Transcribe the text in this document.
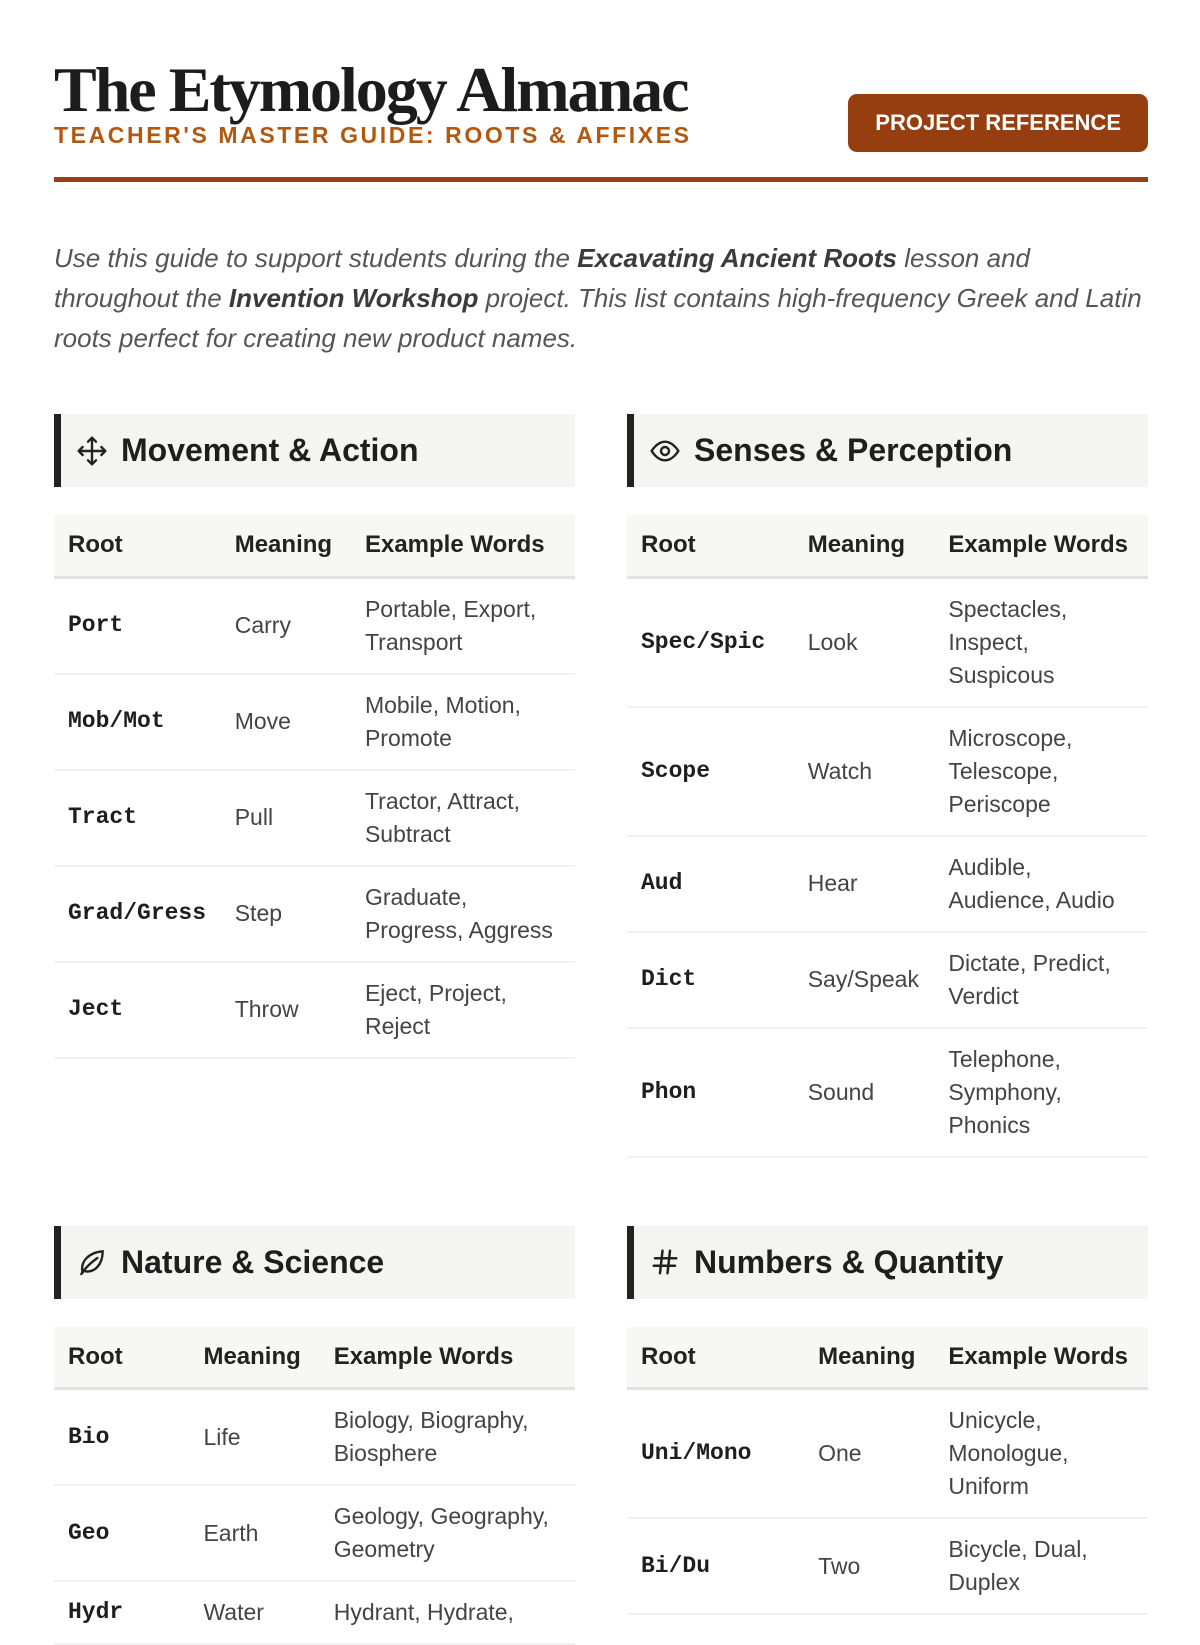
The Etymology Almanac
TEACHER'S MASTER GUIDE: ROOTS & AFFIXES	PROJECT REFERENCE

Use this guide to support students during the Excavating Ancient Roots lesson and throughout the Invention Workshop project. This list contains high-frequency Greek and Latin roots perfect for creating new product names.

Movement & Action
Root	Meaning	Example Words
Port	Carry	Portable, Export, Transport
Mob/Mot	Move	Mobile, Motion, Promote
Tract	Pull	Tractor, Attract, Subtract
Grad/Gress	Step	Graduate, Progress, Aggress
Ject	Throw	Eject, Project, Reject
Senses & Perception
Root	Meaning	Example Words
Spec/Spic	Look	Spectacles, Inspect, Suspicous
Scope	Watch	Microscope, Telescope, Periscope
Aud	Hear	Audible, Audience, Audio
Dict	Say/Speak	Dictate, Predict, Verdict
Phon	Sound	Telephone, Symphony, Phonics
Nature & Science
Root	Meaning	Example Words
Bio	Life	Biology, Biography, Biosphere
Geo	Earth	Geology, Geography, Geometry
Hydr	Water	Hydrant, Hydrate,
Numbers & Quantity
Root	Meaning	Example Words
Uni/Mono	One	Unicycle, Monologue, Uniform
Bi/Du	Two	Bicycle, Dual, Duplex
